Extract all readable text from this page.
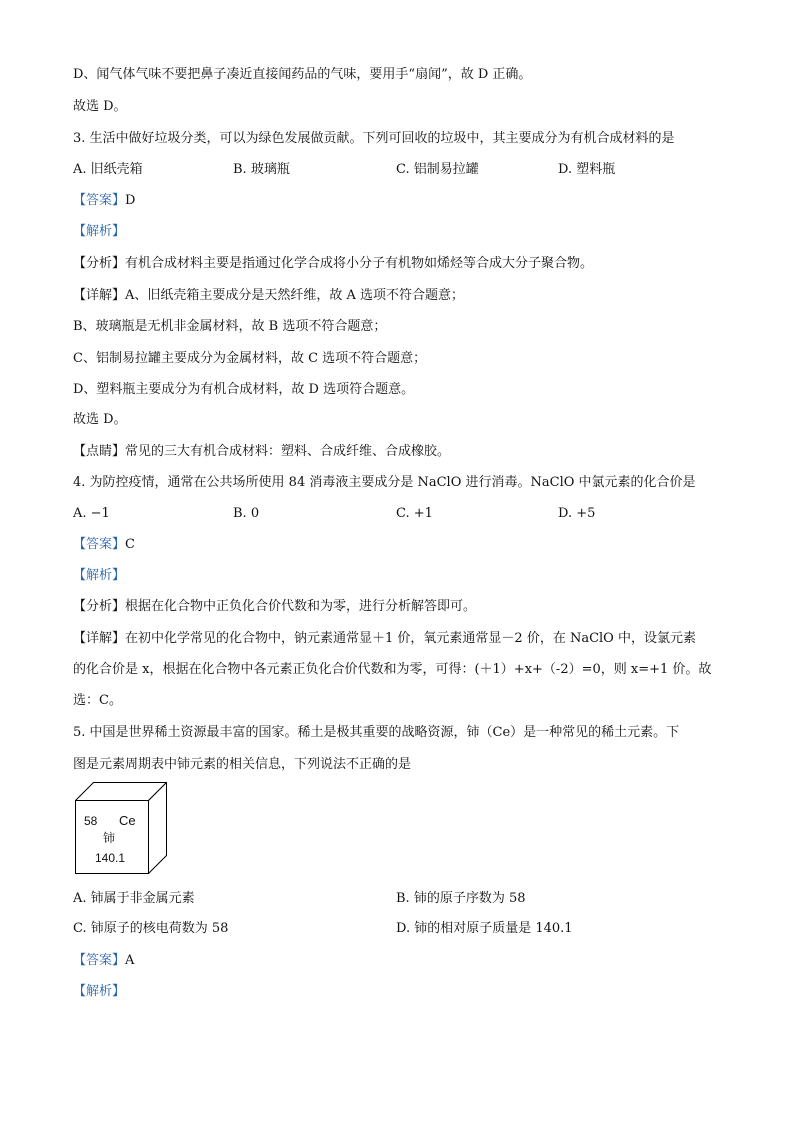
D、闻气体气味不要把鼻子凑近直接闻药品的气味，要用手“扇闻”，故 D 正确。
故选 D。
3. 生活中做好垃圾分类，可以为绿色发展做贡献。下列可回收的垃圾中，其主要成分为有机合成材料的是
A. 旧纸壳箱	B. 玻璃瓶	C. 铝制易拉罐	D. 塑料瓶
【答案】D
【解析】
【分析】有机合成材料主要是指通过化学合成将小分子有机物如烯烃等合成大分子聚合物。
【详解】A、旧纸壳箱主要成分是天然纤维，故 A 选项不符合题意；
B、玻璃瓶是无机非金属材料，故 B 选项不符合题意；
C、铝制易拉罐主要成分为金属材料，故 C 选项不符合题意；
D、塑料瓶主要成分为有机合成材料，故 D 选项符合题意。
故选 D。
【点睛】常见的三大有机合成材料：塑料、合成纤维、合成橡胶。
4. 为防控疫情，通常在公共场所使用 84 消毒液主要成分是 NaClO 进行消毒。NaClO 中氯元素的化合价是
A. −1	B. 0	C. +1	D. +5
【答案】C
【解析】
【分析】根据在化合物中正负化合价代数和为零，进行分析解答即可。
【详解】在初中化学常见的化合物中，钠元素通常显＋1 价，氧元素通常显－2 价，在 NaClO 中，设氯元素
的化合价是 x，根据在化合物中各元素正负化合价代数和为零，可得：(＋1）+x+（-2）=0，则 x=+1 价。故
选：C。
5. 中国是世界稀土资源最丰富的国家。稀土是极其重要的战略资源，铈（Ce）是一种常见的稀土元素。下
图是元素周期表中铈元素的相关信息，下列说法不正确的是
58 Ce
铈
140.1
A. 铈属于非金属元素	B. 铈的原子序数为 58
C. 铈原子的核电荷数为 58	D. 铈的相对原子质量是 140.1
【答案】A
【解析】
